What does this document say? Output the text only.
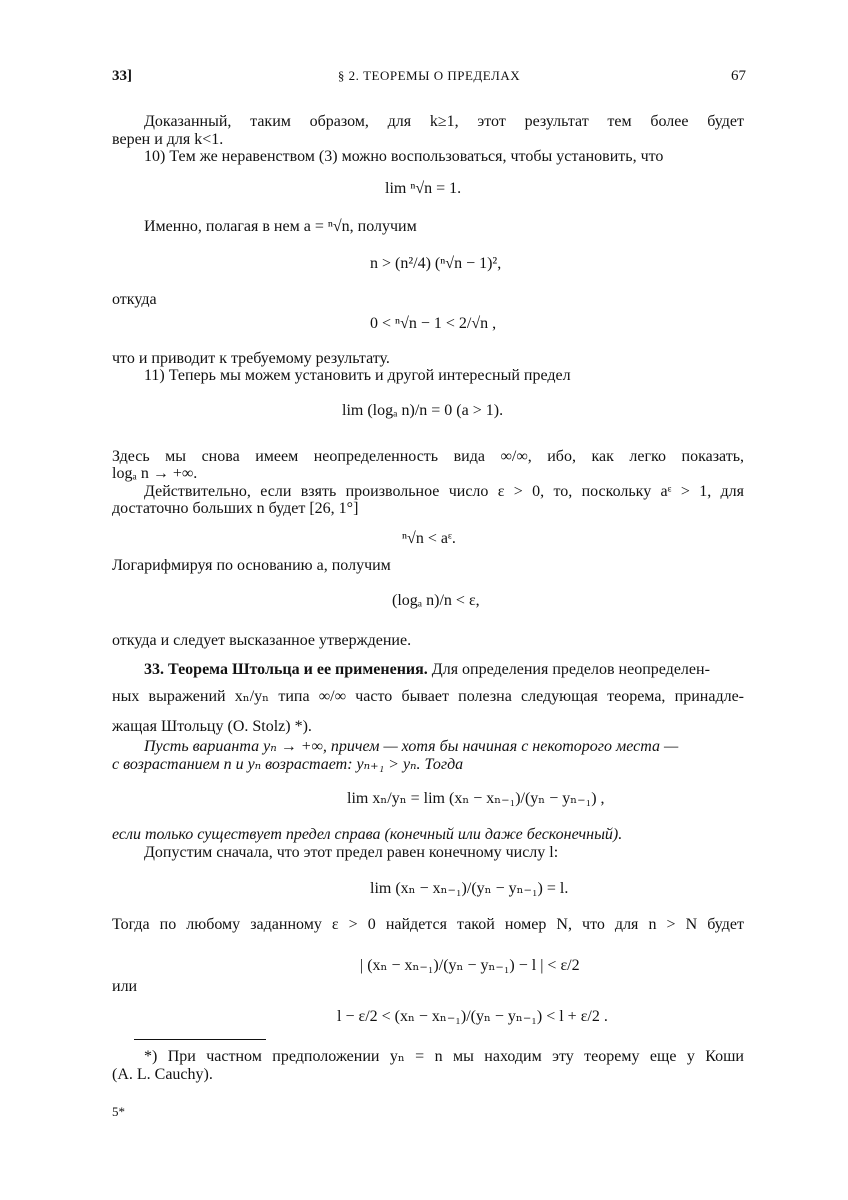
33]	§ 2. ТЕОРЕМЫ О ПРЕДЕЛАХ	67
Доказанный, таким образом, для k≥1, этот результат тем более будет
верен и для k<1.
10) Тем же неравенством (3) можно воспользоваться, чтобы установить, что
lim ⁿ√n = 1.
Именно, полагая в нем a = ⁿ√n, получим
n > (n²/4) (ⁿ√n − 1)²,
откуда
0 < ⁿ√n − 1 < 2/√n ,
что и приводит к требуемому результату.
11) Теперь мы можем установить и другой интересный предел
lim (logₐ n)/n = 0 (a > 1).
Здесь мы снова имеем неопределенность вида ∞/∞, ибо, как легко показать,
logₐ n → +∞.
Действительно, если взять произвольное число ε > 0, то, поскольку aᵋ > 1, для
достаточно больших n будет [26, 1°]
ⁿ√n < aᵋ.
Логарифмируя по основанию a, получим
(logₐ n)/n < ε,
откуда и следует высказанное утверждение.
33. Теорема Штольца и ее применения. Для определения пределов неопределен-
ных выражений xₙ/yₙ типа ∞/∞ часто бывает полезна следующая теорема, принадле-
жащая Штольцу (O. Stolz) *).
Пусть варианта yₙ → +∞, причем — хотя бы начиная с некоторого места —
с возрастанием n и yₙ возрастает: yₙ₊₁ > yₙ. Тогда
lim xₙ/yₙ = lim (xₙ − xₙ₋₁)/(yₙ − yₙ₋₁) ,
если только существует предел справа (конечный или даже бесконечный).
Допустим сначала, что этот предел равен конечному числу l:
lim (xₙ − xₙ₋₁)/(yₙ − yₙ₋₁) = l.
Тогда по любому заданному ε > 0 найдется такой номер N, что для n > N будет
| (xₙ − xₙ₋₁)/(yₙ − yₙ₋₁) − l | < ε/2
или
l − ε/2 < (xₙ − xₙ₋₁)/(yₙ − yₙ₋₁) < l + ε/2 .
*) При частном предположении yₙ = n мы находим эту теорему еще у Коши
(A. L. Cauchy).
5*
